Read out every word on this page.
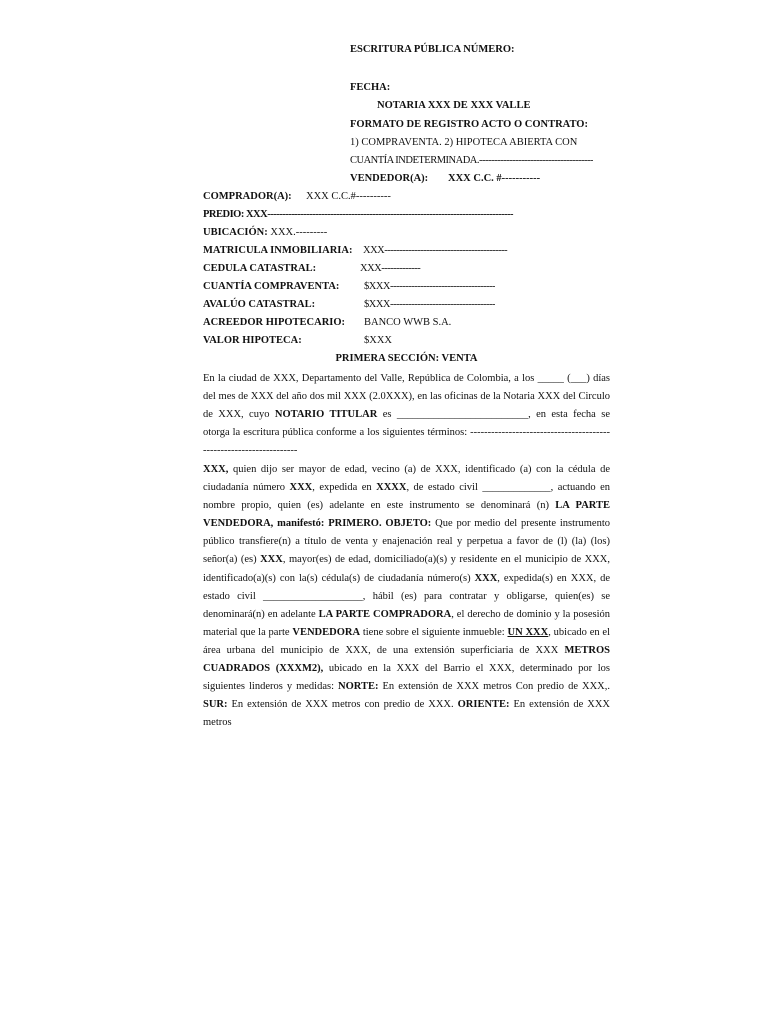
ESCRITURA PÚBLICA NÚMERO:
FECHA:
NOTARIA XXX DE XXX VALLE
FORMATO DE REGISTRO ACTO O CONTRATO:
1) COMPRAVENTA. 2) HIPOTECA ABIERTA CON
CUANTÍA INDETERMINADA.--------------------------------------
VENDEDOR(A): XXX C.C. #-----------
COMPRADOR(A): XXX C.C.#----------
PREDIO: XXX----------------------------------------------------------------------------------
UBICACIÓN: XXX.---------
MATRICULA INMOBILIARIA: XXX-----------------------------------------
CEDULA CATASTRAL:	XXX-------------
CUANTÍA COMPRAVENTA: $XXX-----------------------------------
AVALÚO CATASTRAL:	$XXX-----------------------------------
ACREEDOR HIPOTECARIO: BANCO WWB S.A.
VALOR HIPOTECA:	$XXX
PRIMERA SECCIÓN: VENTA
En la ciudad de XXX, Departamento del Valle, República de Colombia, a los _____ (___) días del mes de XXX del año dos mil XXX (2.0XXX), en las oficinas de la Notaria XXX del Circulo de XXX, cuyo NOTARIO TITULAR es _________________________, en esta fecha se otorga la escritura pública conforme a los siguientes términos: -------------------------------------------------------------------
XXX, quien dijo ser mayor de edad, vecino (a) de XXX, identificado (a) con la cédula de ciudadanía número XXX, expedida en XXXX, de estado civil _____________, actuando en nombre propio, quien (es) adelante en este instrumento se denominará (n) LA PARTE VENDEDORA, manifestó: PRIMERO. OBJETO: Que por medio del presente instrumento público transfiere(n) a título de venta y enajenación real y perpetua a favor de (l) (la) (los) señor(a) (es) XXX, mayor(es) de edad, domiciliado(a)(s) y residente en el municipio de XXX, identificado(a)(s) con la(s) cédula(s) de ciudadanía número(s) XXX, expedida(s) en XXX, de estado civil ___________________, hábil (es) para contratar y obligarse, quien(es) se denominará(n) en adelante LA PARTE COMPRADORA, el derecho de dominio y la posesión material que la parte VENDEDORA tiene sobre el siguiente inmueble: UN XXX, ubicado en el área urbana del municipio de XXX, de una extensión superficiaria de XXX METROS CUADRADOS (XXXM2), ubicado en la XXX del Barrio el XXX, determinado por los siguientes linderos y medidas: NORTE: En extensión de XXX metros Con predio de XXX,. SUR: En extensión de XXX metros con predio de XXX. ORIENTE: En extensión de XXX metros
